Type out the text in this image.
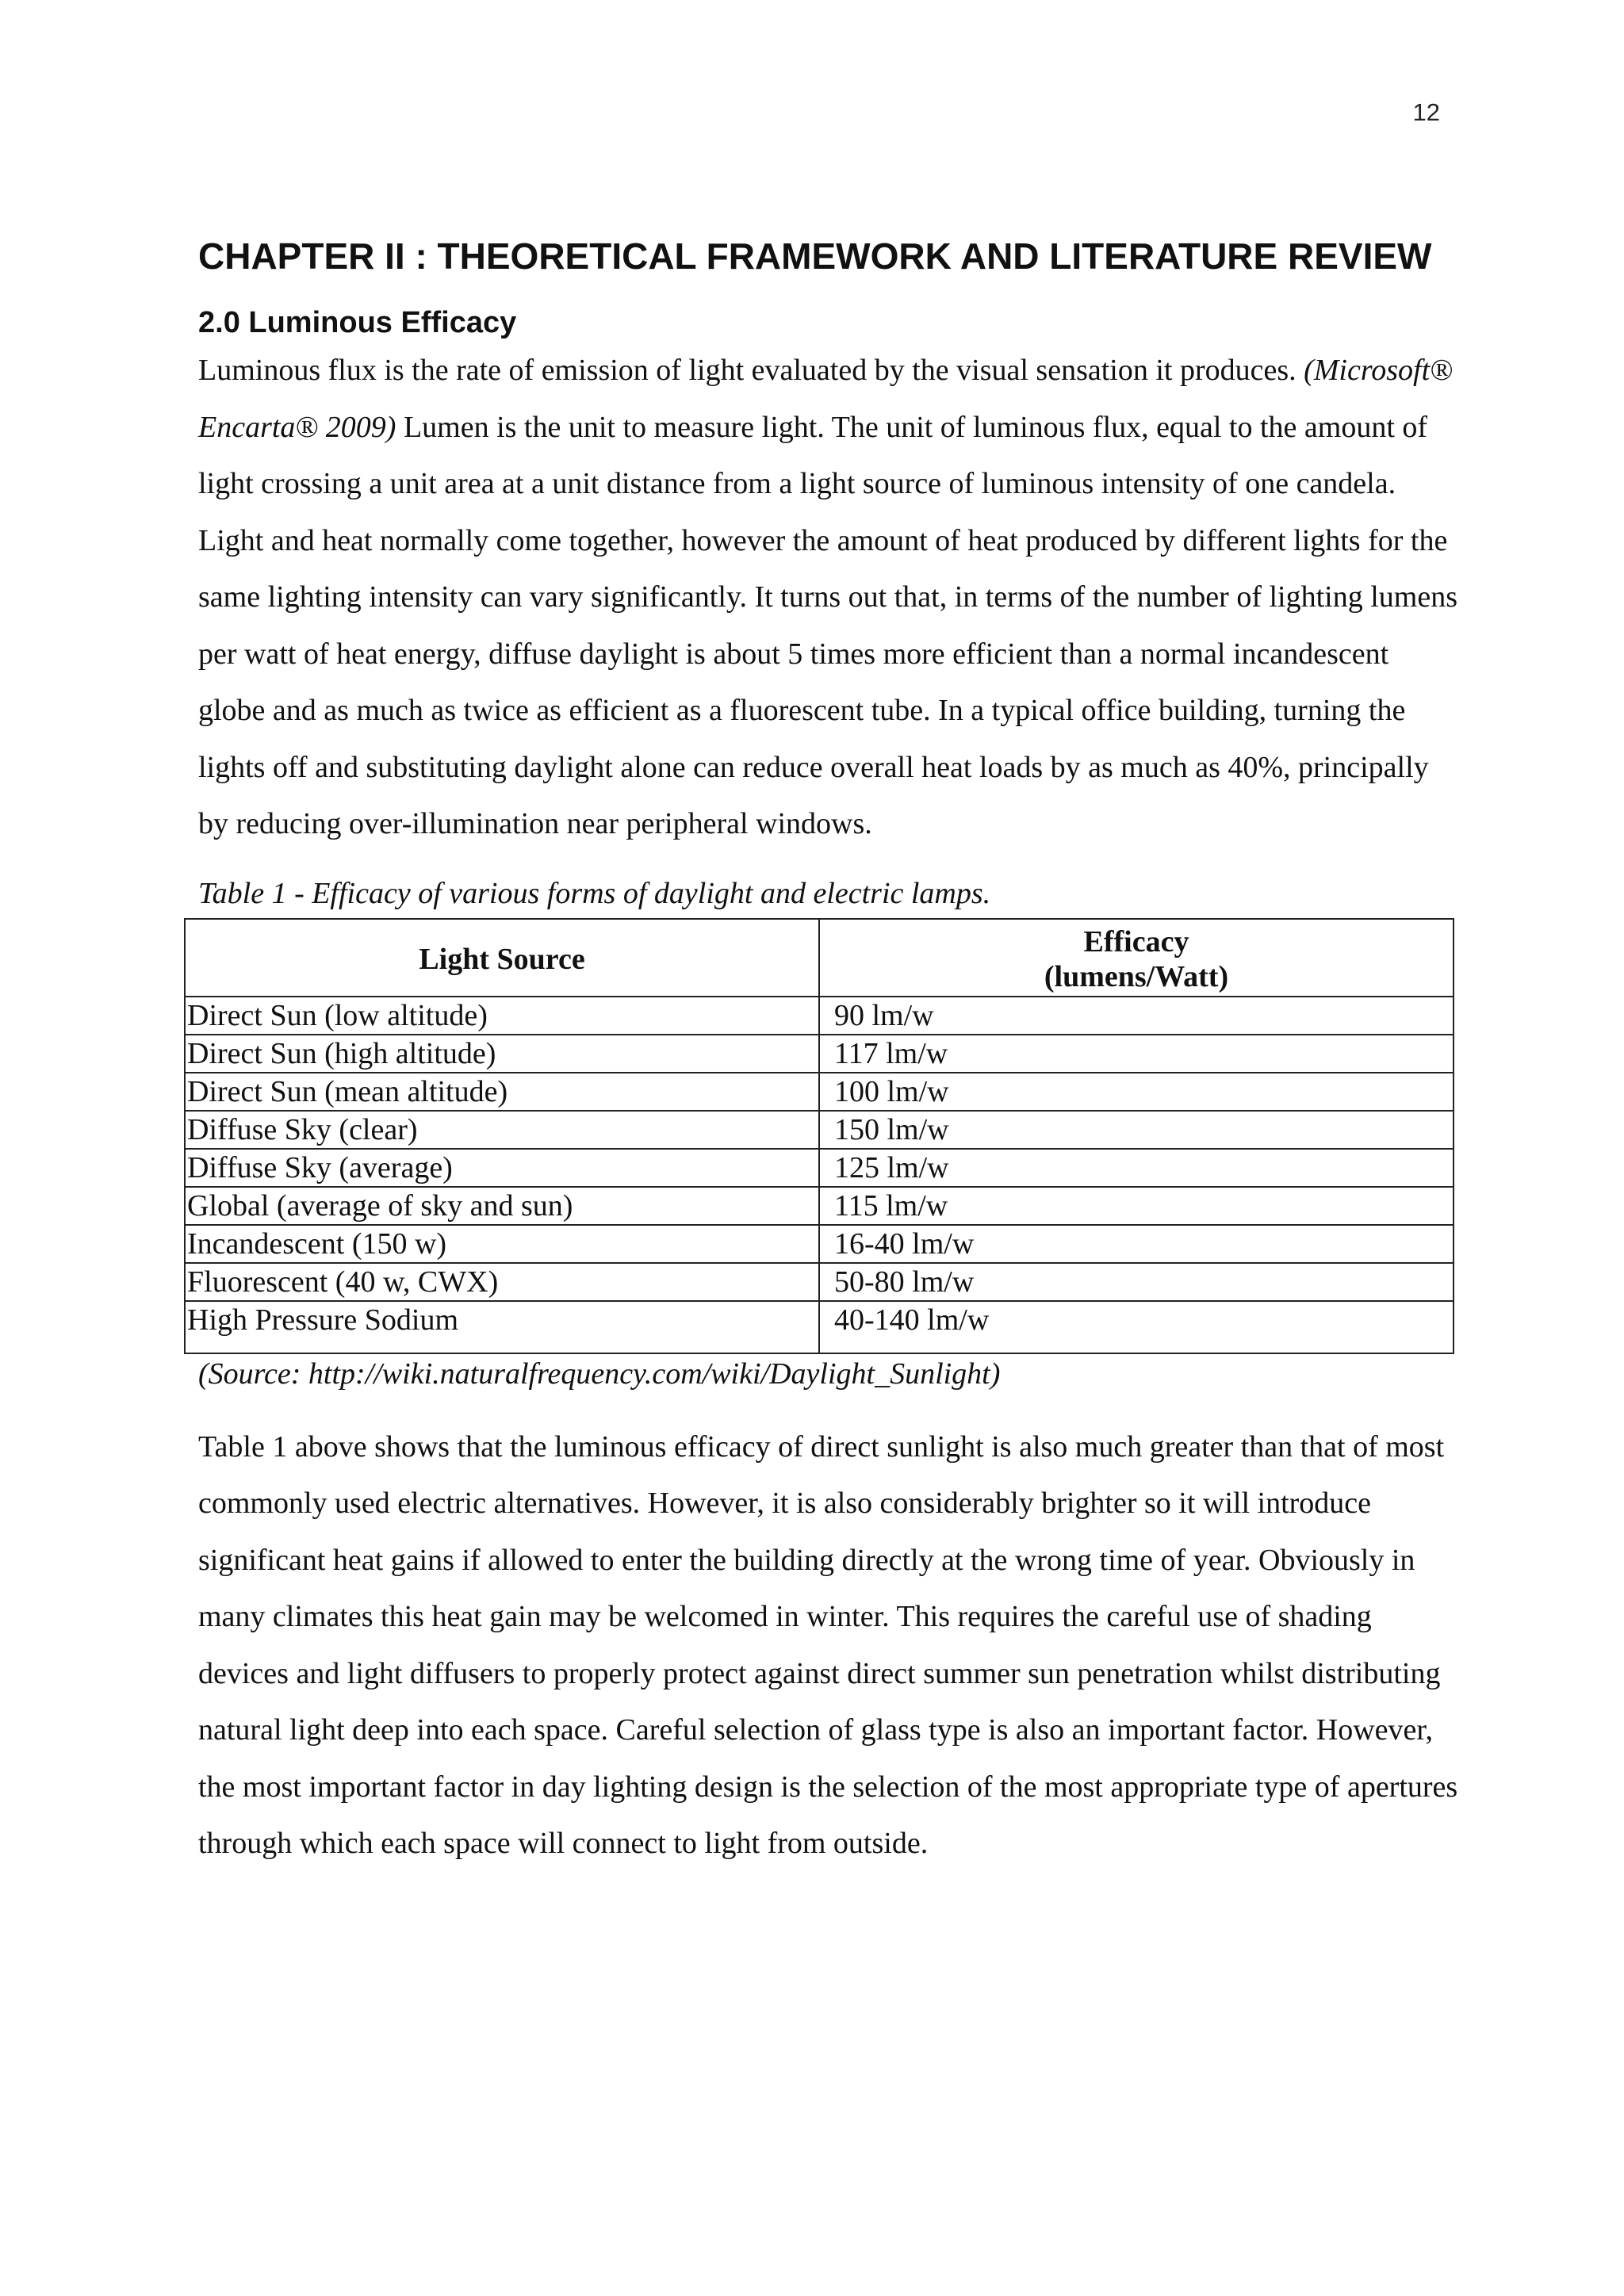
12
CHAPTER II : THEORETICAL FRAMEWORK AND LITERATURE REVIEW
2.0 Luminous Efficacy

Luminous flux is the rate of emission of light evaluated by the visual sensation it produces. (Microsoft® Encarta® 2009) Lumen is the unit to measure light. The unit of luminous flux, equal to the amount of light crossing a unit area at a unit distance from a light source of luminous intensity of one candela. Light and heat normally come together, however the amount of heat produced by different lights for the same lighting intensity can vary significantly. It turns out that, in terms of the number of lighting lumens per watt of heat energy, diffuse daylight is about 5 times more efficient than a normal incandescent globe and as much as twice as efficient as a fluorescent tube. In a typical office building, turning the lights off and substituting daylight alone can reduce overall heat loads by as much as 40%, principally by reducing over-illumination near peripheral windows.

Table 1 - Efficacy of various forms of daylight and electric lamps.
Light Source	Efficacy
(lumens/Watt)
Direct Sun (low altitude)	90 lm/w
Direct Sun (high altitude)	117 lm/w
Direct Sun (mean altitude)	100 lm/w
Diffuse Sky (clear)	150 lm/w
Diffuse Sky (average)	125 lm/w
Global (average of sky and sun)	115 lm/w
Incandescent (150 w)	16-40 lm/w
Fluorescent (40 w, CWX)	50-80 lm/w
High Pressure Sodium	40-140 lm/w
(Source: http://wiki.naturalfrequency.com/wiki/Daylight_Sunlight)

Table 1 above shows that the luminous efficacy of direct sunlight is also much greater than that of most commonly used electric alternatives. However, it is also considerably brighter so it will introduce significant heat gains if allowed to enter the building directly at the wrong time of year. Obviously in many climates this heat gain may be welcomed in winter. This requires the careful use of shading devices and light diffusers to properly protect against direct summer sun penetration whilst distributing natural light deep into each space. Careful selection of glass type is also an important factor. However, the most important factor in day lighting design is the selection of the most appropriate type of apertures through which each space will connect to light from outside.
